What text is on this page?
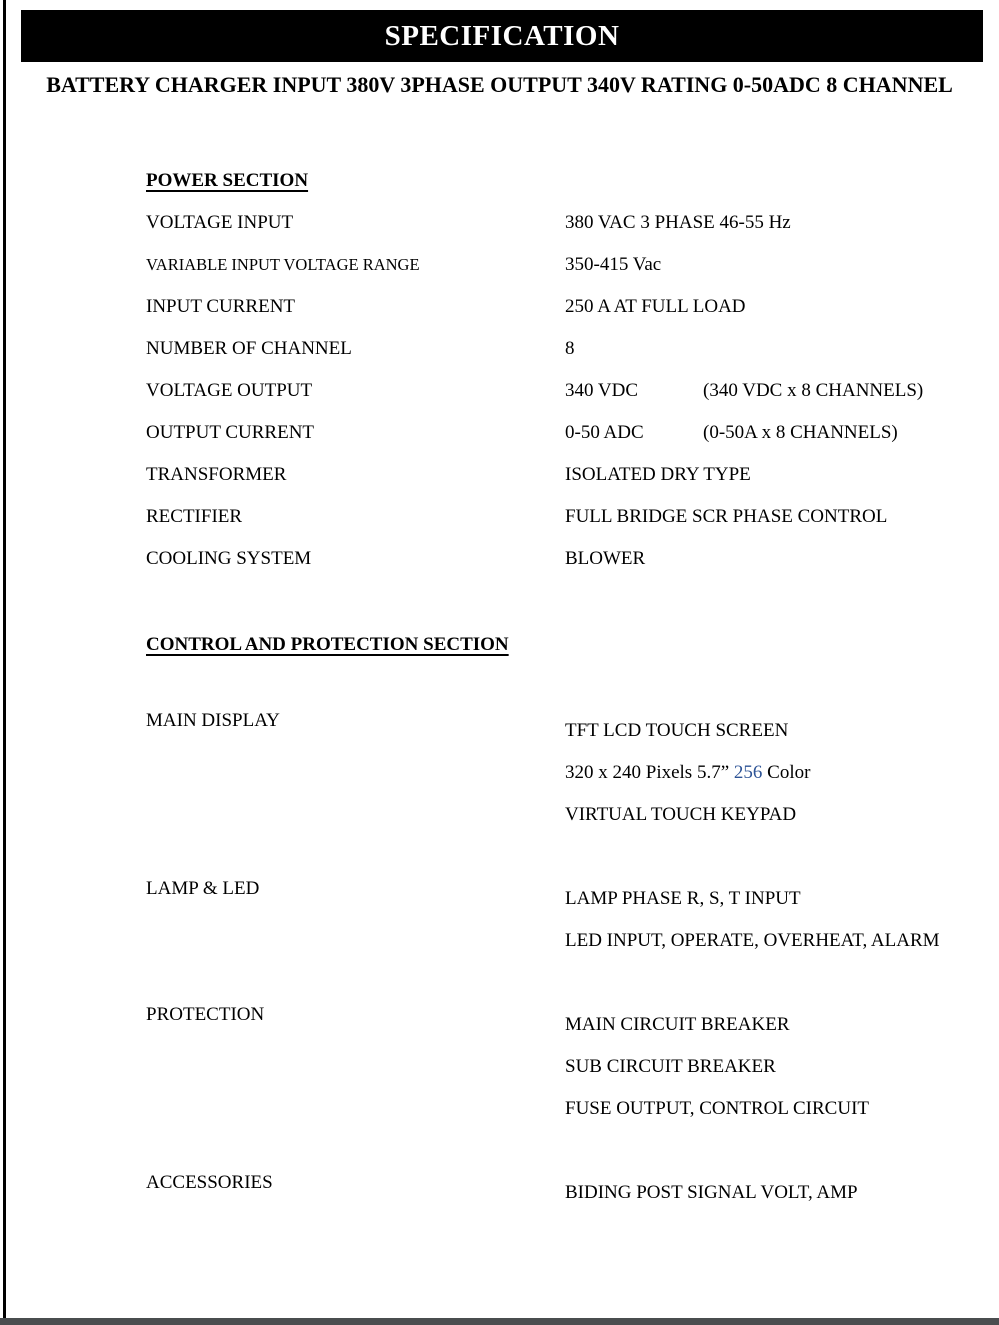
SPECIFICATION
BATTERY CHARGER INPUT 380V 3PHASE OUTPUT 340V RATING 0-50ADC 8 CHANNEL
POWER SECTION
VOLTAGE INPUT	380 VAC 3 PHASE 46-55 Hz
VARIABLE INPUT VOLTAGE RANGE	350-415 Vac
INPUT CURRENT	250 A AT FULL LOAD
NUMBER OF CHANNEL	8
VOLTAGE OUTPUT	340 VDC	(340 VDC x 8 CHANNELS)
OUTPUT CURRENT	0-50 ADC	(0-50A x 8 CHANNELS)
TRANSFORMER	ISOLATED DRY TYPE
RECTIFIER	FULL BRIDGE SCR PHASE CONTROL
COOLING SYSTEM	BLOWER
CONTROL AND PROTECTION SECTION
MAIN DISPLAY	TFT LCD TOUCH SCREEN
320 x 240 Pixels 5.7” 256 Color
VIRTUAL TOUCH KEYPAD
LAMP & LED	LAMP PHASE R, S, T INPUT
LED INPUT, OPERATE, OVERHEAT, ALARM
PROTECTION	MAIN CIRCUIT BREAKER
SUB CIRCUIT BREAKER
FUSE OUTPUT, CONTROL CIRCUIT
ACCESSORIES	BIDING POST SIGNAL VOLT, AMP
